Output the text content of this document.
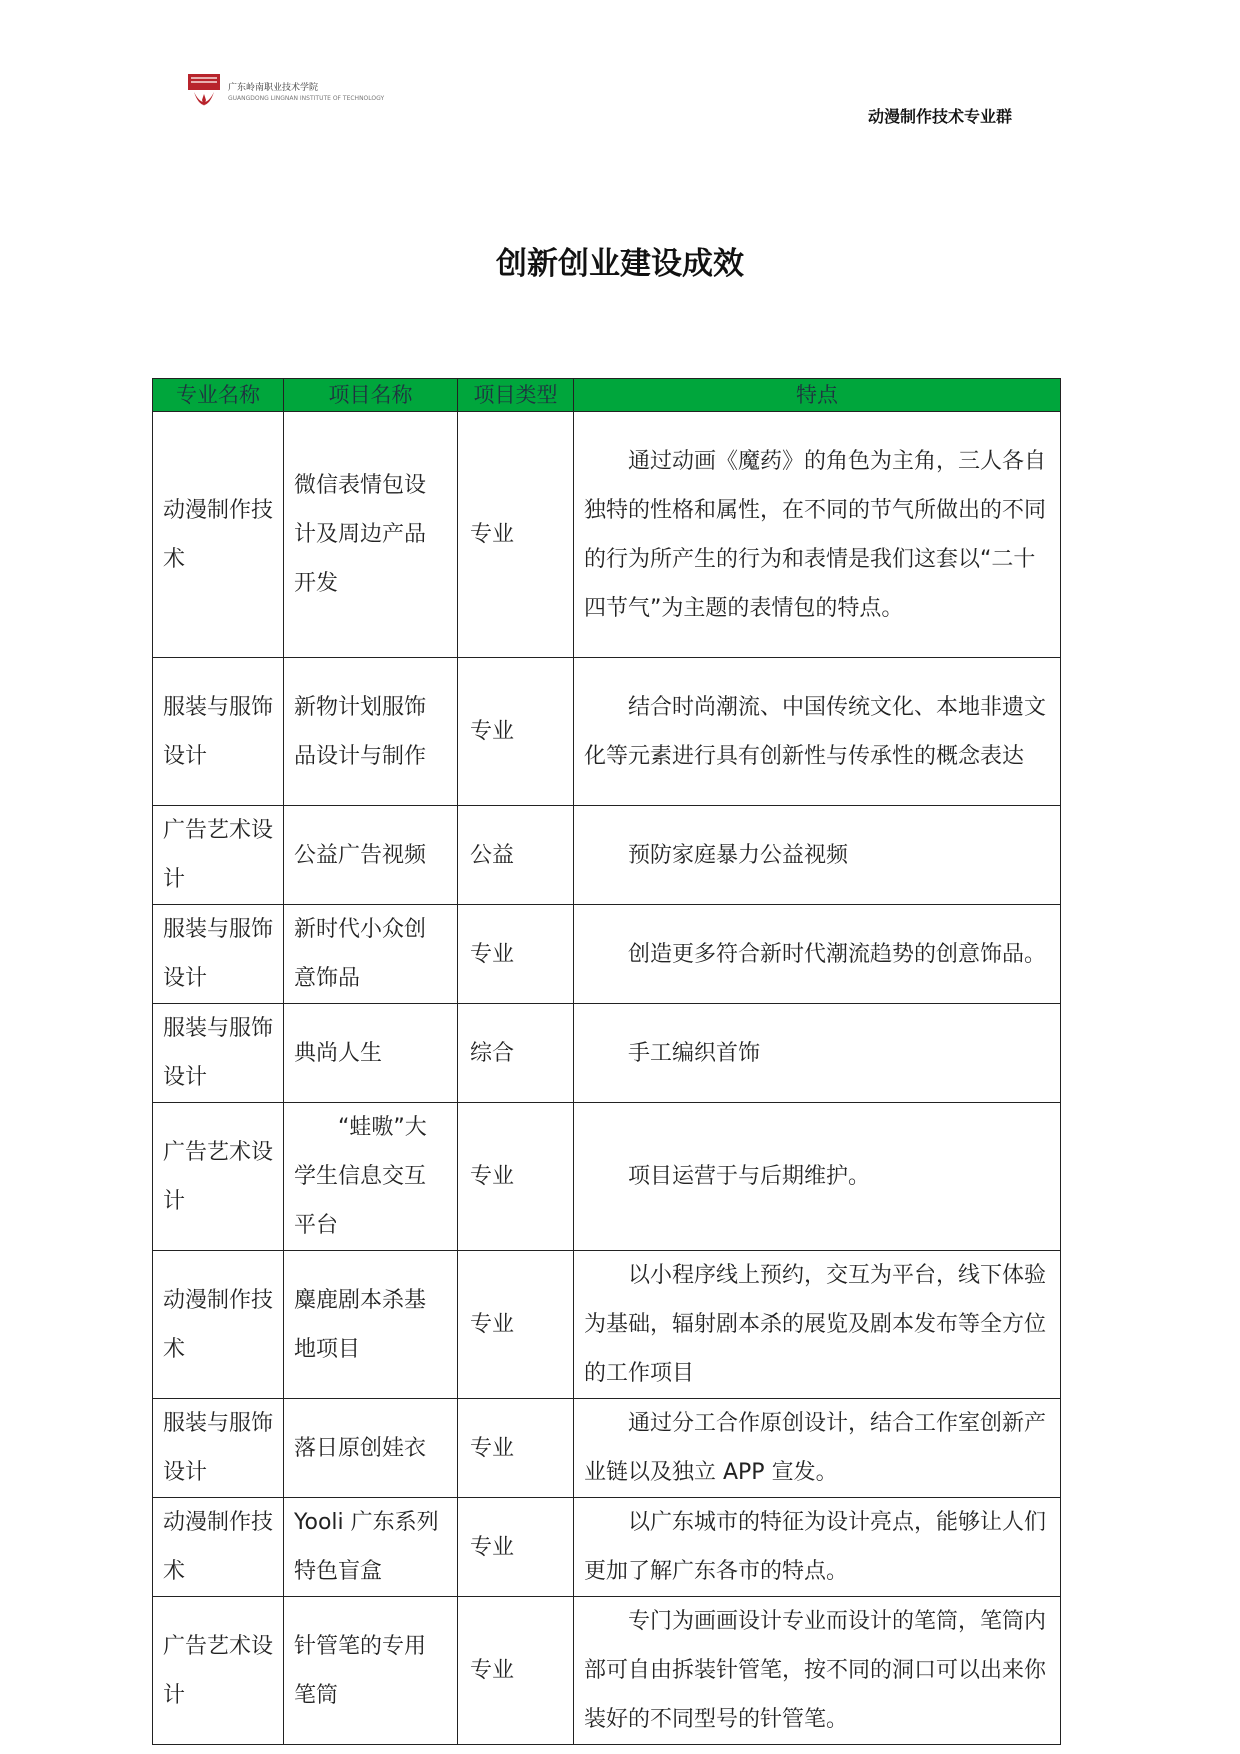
广东岭南职业技术学院
GUANGDONG LINGNAN INSTITUTE OF TECHNOLOGY
动漫制作技术专业群
创新创业建设成效
专业名称	项目名称	项目类型	特点
动漫制作技术	微信表情包设计及周边产品开发	专业	通过动画《魔药》的角色为主角，三人各自独特的性格和属性，在不同的节气所做出的不同的行为所产生的行为和表情是我们这套以“二十四节气”为主题的表情包的特点。

服装与服饰设计	新物计划服饰品设计与制作	专业	结合时尚潮流、中国传统文化、本地非遗文化等元素进行具有创新性与传承性的概念表达

广告艺术设计	公益广告视频	公益	预防家庭暴力公益视频

服装与服饰设计	新时代小众创意饰品	专业	创造更多符合新时代潮流趋势的创意饰品。

服装与服饰设计	典尚人生	综合	手工编织首饰

广告艺术设计	“蛙嗷”大学生信息交互平台	专业	项目运营于与后期维护。

动漫制作技术	麋鹿剧本杀基地项目	专业	以小程序线上预约，交互为平台，线下体验为基础，辐射剧本杀的展览及剧本发布等全方位的工作项目

服装与服饰设计	落日原创娃衣	专业	通过分工合作原创设计，结合工作室创新产业链以及独立 APP 宣发。

动漫制作技术	Yooli 广东系列特色盲盒	专业	以广东城市的特征为设计亮点，能够让人们更加了解广东各市的特点。

广告艺术设计	针管笔的专用笔筒	专业	专门为画画设计专业而设计的笔筒，笔筒内部可自由拆装针管笔，按不同的洞口可以出来你装好的不同型号的针管笔。
